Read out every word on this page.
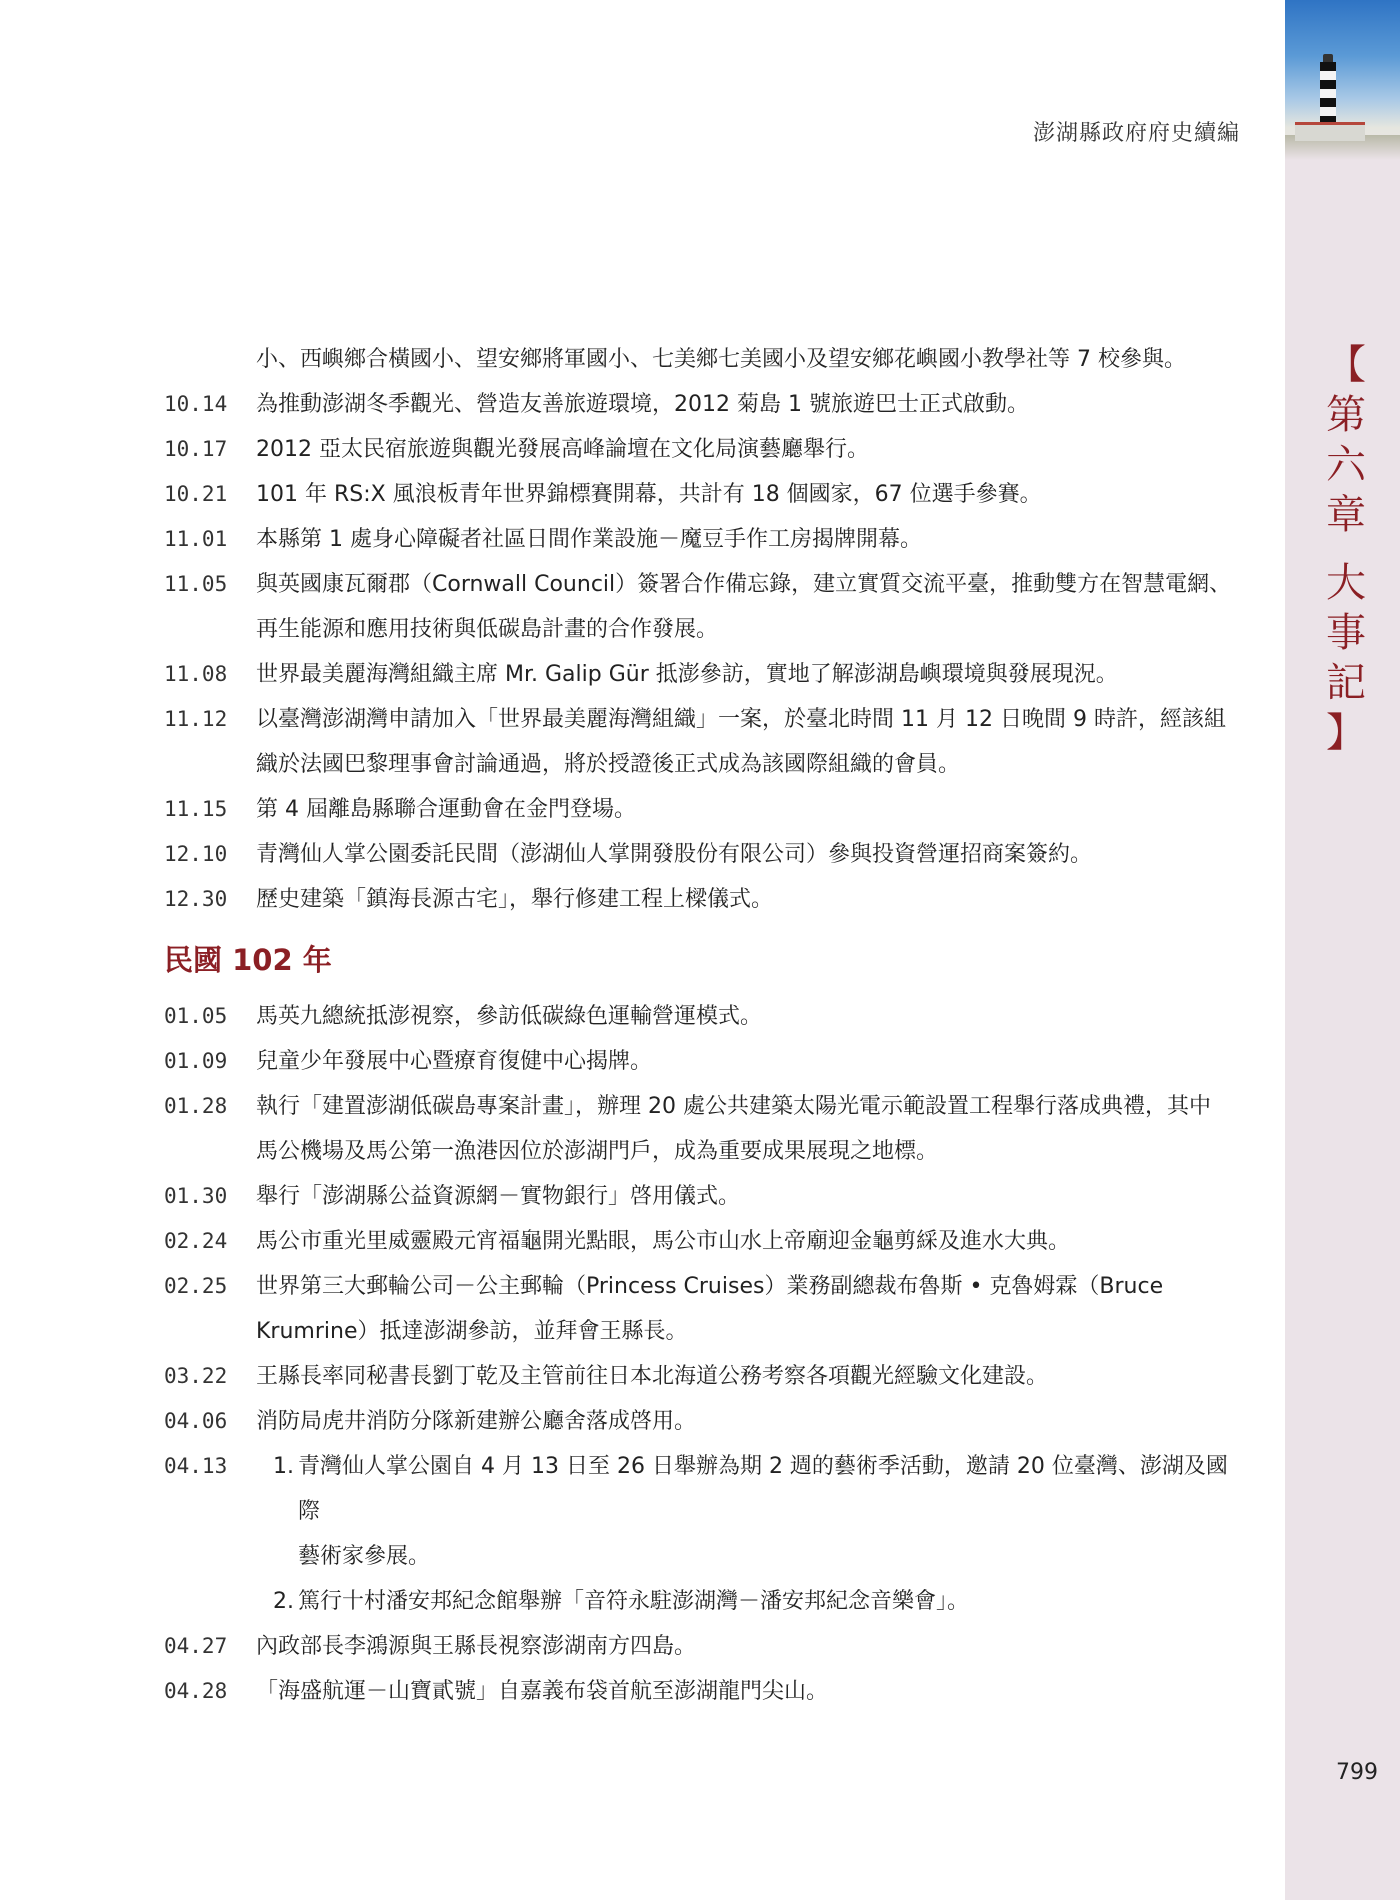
【
第
六
章
大
事
記
】
澎湖縣政府府史續編
小、西嶼鄉合橫國小、望安鄉將軍國小、七美鄉七美國小及望安鄉花嶼國小教學社等 7 校參與。
10.14	為推動澎湖冬季觀光、營造友善旅遊環境，2012 菊島 1 號旅遊巴士正式啟動。
10.17	2012 亞太民宿旅遊與觀光發展高峰論壇在文化局演藝廳舉行。
10.21	101 年 RS:X 風浪板青年世界錦標賽開幕，共計有 18 個國家，67 位選手參賽。
11.01	本縣第 1 處身心障礙者社區日間作業設施－魔豆手作工房揭牌開幕。
11.05	與英國康瓦爾郡（Cornwall Council）簽署合作備忘錄，建立實質交流平臺，推動雙方在智慧電網、
再生能源和應用技術與低碳島計畫的合作發展。
11.08	世界最美麗海灣組織主席 Mr. Galip Gür 抵澎參訪，實地了解澎湖島嶼環境與發展現況。
11.12	以臺灣澎湖灣申請加入「世界最美麗海灣組織」一案，於臺北時間 11 月 12 日晚間 9 時許，經該組
織於法國巴黎理事會討論通過，將於授證後正式成為該國際組織的會員。
11.15	第 4 屆離島縣聯合運動會在金門登場。
12.10	青灣仙人掌公園委託民間（澎湖仙人掌開發股份有限公司）參與投資營運招商案簽約。
12.30	歷史建築「鎮海長源古宅」，舉行修建工程上樑儀式。
民國 102 年
01.05	馬英九總統抵澎視察，參訪低碳綠色運輸營運模式。
01.09	兒童少年發展中心暨療育復健中心揭牌。
01.28	執行「建置澎湖低碳島專案計畫」，辦理 20 處公共建築太陽光電示範設置工程舉行落成典禮，其中
馬公機場及馬公第一漁港因位於澎湖門戶，成為重要成果展現之地標。
01.30	舉行「澎湖縣公益資源網－實物銀行」啓用儀式。
02.24	馬公市重光里威靈殿元宵福龜開光點眼，馬公市山水上帝廟迎金龜剪綵及進水大典。
02.25	世界第三大郵輪公司－公主郵輪（Princess Cruises）業務副總裁布魯斯 • 克魯姆霖（Bruce
Krumrine）抵達澎湖參訪，並拜會王縣長。
03.22	王縣長率同秘書長劉丁乾及主管前往日本北海道公務考察各項觀光經驗文化建設。
04.06	消防局虎井消防分隊新建辦公廳舍落成啓用。
04.13	1. 青灣仙人掌公園自 4 月 13 日至 26 日舉辦為期 2 週的藝術季活動，邀請 20 位臺灣、澎湖及國際
藝術家參展。
2. 篤行十村潘安邦紀念館舉辦「音符永駐澎湖灣－潘安邦紀念音樂會」。
04.27	內政部長李鴻源與王縣長視察澎湖南方四島。
04.28	「海盛航運－山寶貳號」自嘉義布袋首航至澎湖龍門尖山。
799
